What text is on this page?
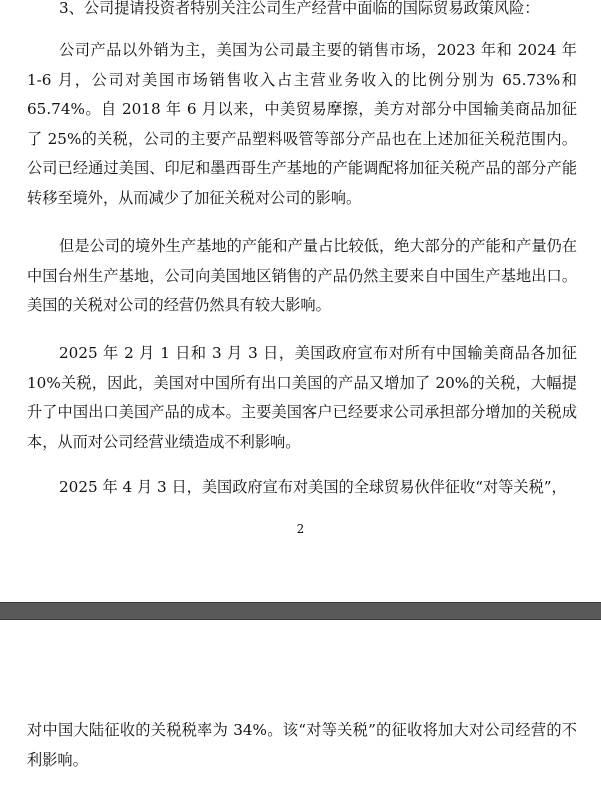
3、公司提请投资者特别关注公司生产经营中面临的国际贸易政策风险：

公司产品以外销为主，美国为公司最主要的销售市场，2023 年和 2024 年 1-6 月，公司对美国市场销售收入占主营业务收入的比例分别为 65.73%和 65.74%。自 2018 年 6 月以来，中美贸易摩擦，美方对部分中国输美商品加征了 25%的关税，公司的主要产品塑料吸管等部分产品也在上述加征关税范围内。公司已经通过美国、印尼和墨西哥生产基地的产能调配将加征关税产品的部分产能转移至境外，从而减少了加征关税对公司的影响。

但是公司的境外生产基地的产能和产量占比较低，绝大部分的产能和产量仍在中国台州生产基地，公司向美国地区销售的产品仍然主要来自中国生产基地出口。美国的关税对公司的经营仍然具有较大影响。

2025 年 2 月 1 日和 3 月 3 日，美国政府宣布对所有中国输美商品各加征 10%关税，因此，美国对中国所有出口美国的产品又增加了 20%的关税，大幅提升了中国出口美国产品的成本。主要美国客户已经要求公司承担部分增加的关税成本，从而对公司经营业绩造成不利影响。

2025 年 4 月 3 日，美国政府宣布对美国的全球贸易伙伴征收“对等关税”，

2

对中国大陆征收的关税税率为 34%。该“对等关税”的征收将加大对公司经营的不利影响。
